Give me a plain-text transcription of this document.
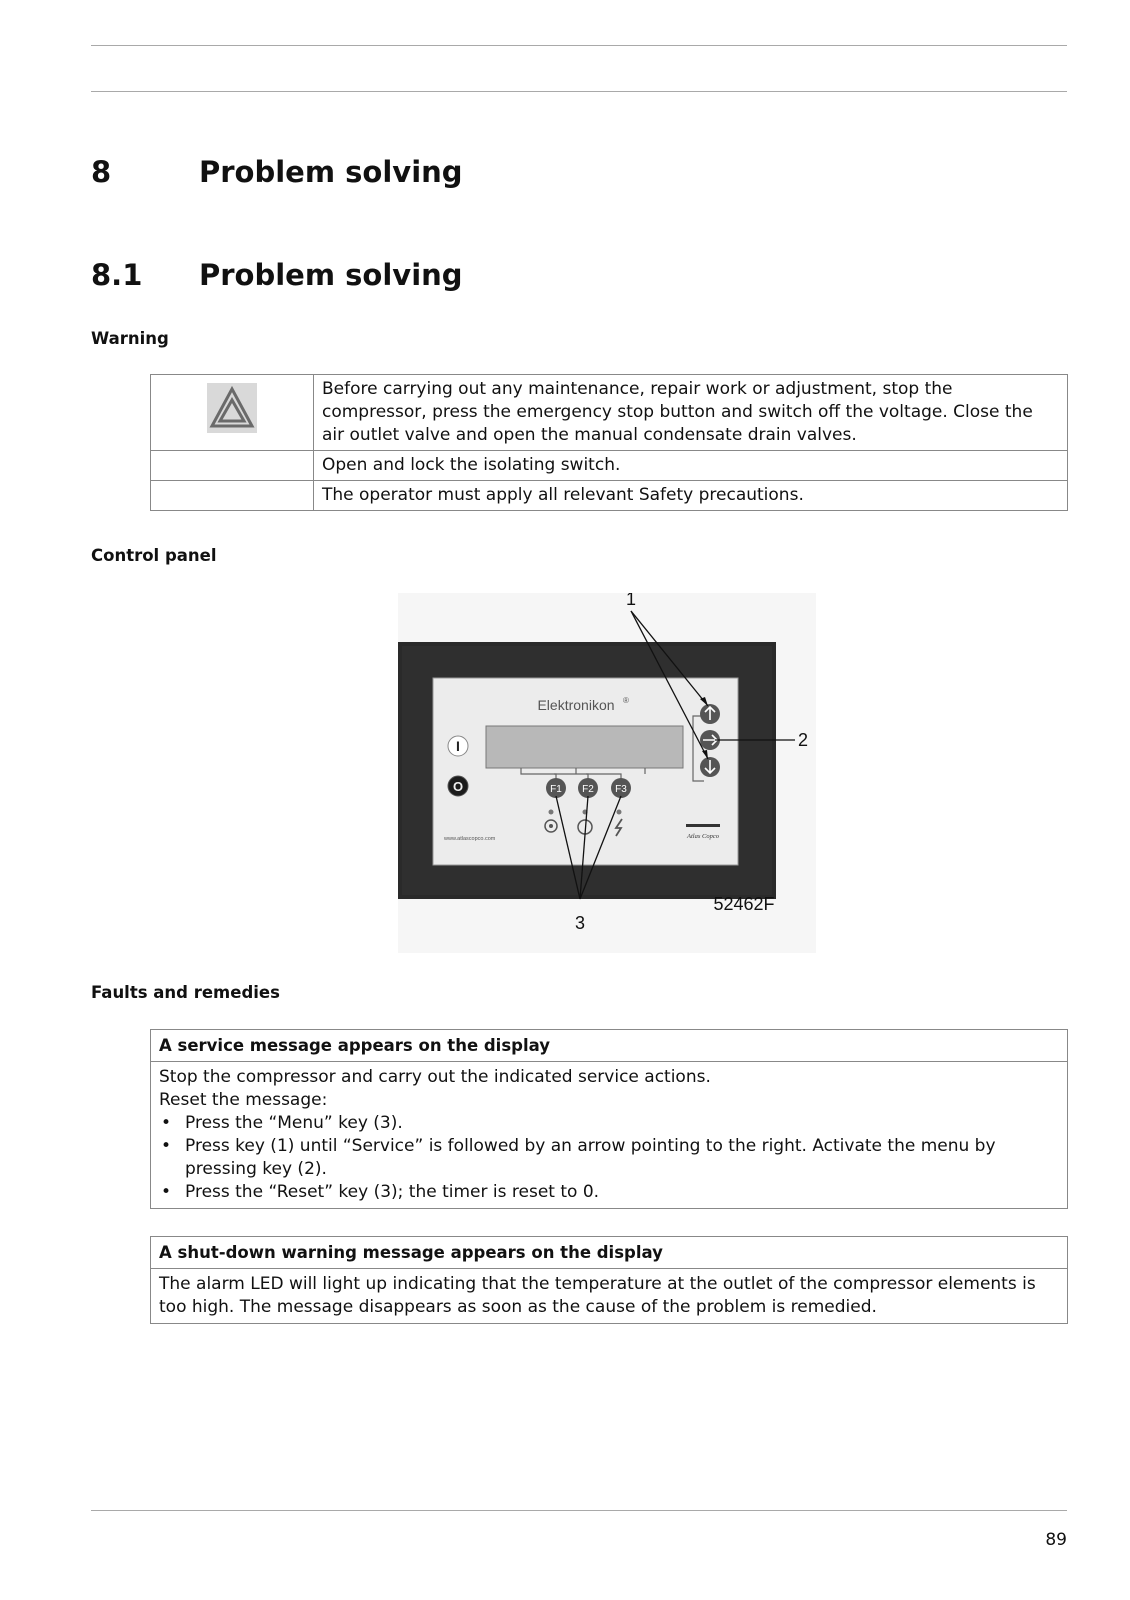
8	Problem solving
8.1 Problem solving
Warning
	Before carrying out any maintenance, repair work or adjustment, stop the compressor, press the emergency stop button and switch off the voltage. Close the air outlet valve and open the manual condensate drain valves.
	Open and lock the isolating switch.
	The operator must apply all relevant Safety precautions.
Control panel
Elektronikon ®
I
O	F1 F2 F3
www.atlascopco.com	Atlas Copco
1
2
3
52462F
Faults and remedies
A service message appears on the display

Stop the compressor and carry out the indicated service actions.
Reset the message:
• Press the “Menu” key (3).
• Press key (1) until “Service” is followed by an arrow pointing to the right. Activate the menu by pressing key (2).
• Press the “Reset” key (3); the timer is reset to 0.
A shut-down warning message appears on the display
The alarm LED will light up indicating that the temperature at the outlet of the compressor elements is too high. The message disappears as soon as the cause of the problem is remedied.
89
